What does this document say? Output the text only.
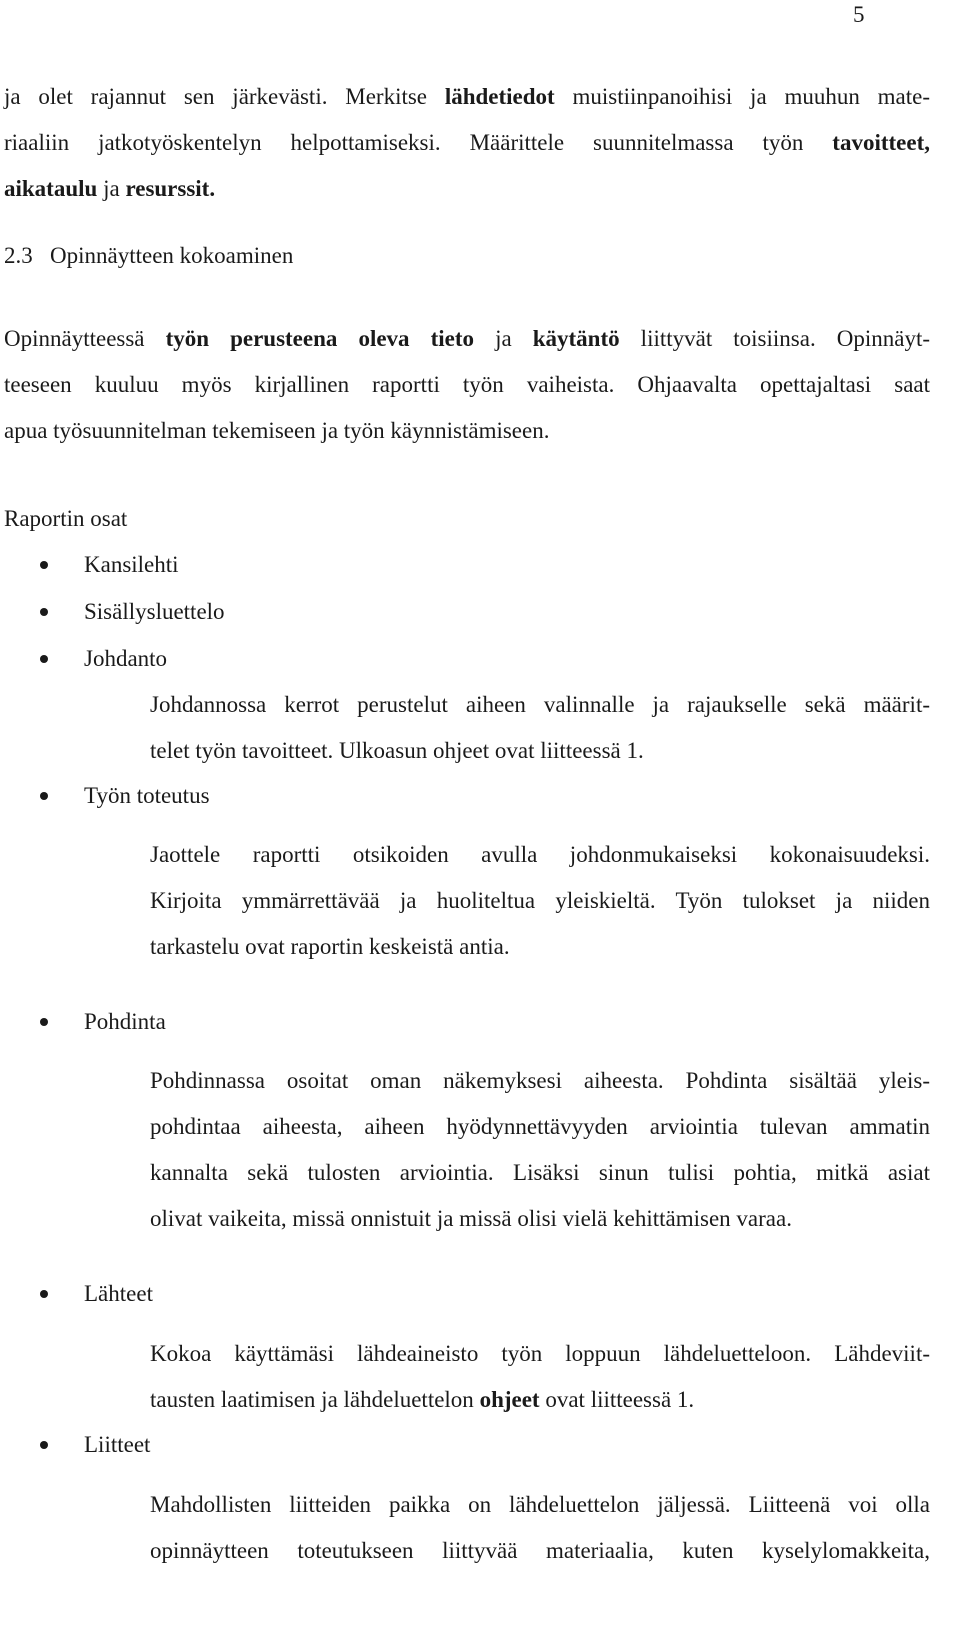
5
ja olet rajannut sen järkevästi. Merkitse lähdetiedot muistiinpanoihisi ja muuhun mate-
riaaliin jatkotyöskentelyn helpottamiseksi. Määrittele suunnitelmassa työn tavoitteet,
aikataulu ja resurssit.
2.3   Opinnäytteen kokoaminen
Opinnäytteessä työn perusteena oleva tieto ja käytäntö liittyvät toisiinsa. Opinnäyt-
teeseen kuuluu myös kirjallinen raportti työn vaiheista. Ohjaavalta opettajaltasi saat
apua työsuunnitelman tekemiseen ja työn käynnistämiseen.
Raportin osat
Kansilehti
Sisällysluettelo
Johdanto
Johdannossa kerrot perustelut aiheen valinnalle ja rajaukselle sekä määrit-
telet työn tavoitteet. Ulkoasun ohjeet ovat liitteessä 1.
Työn toteutus
Jaottele raportti otsikoiden avulla johdonmukaiseksi kokonaisuudeksi.
Kirjoita ymmärrettävää ja huoliteltua yleiskieltä. Työn tulokset ja niiden
tarkastelu ovat raportin keskeistä antia.
Pohdinta
Pohdinnassa osoitat oman näkemyksesi aiheesta. Pohdinta sisältää yleis-
pohdintaa aiheesta, aiheen hyödynnettävyyden arviointia tulevan ammatin
kannalta sekä tulosten arviointia. Lisäksi sinun tulisi pohtia, mitkä asiat
olivat vaikeita, missä onnistuit ja missä olisi vielä kehittämisen varaa.
Lähteet
Kokoa käyttämäsi lähdeaineisto työn loppuun lähdeluetteloon. Lähdeviit-
tausten laatimisen ja lähdeluettelon ohjeet ovat liitteessä 1.
Liitteet
Mahdollisten liitteiden paikka on lähdeluettelon jäljessä. Liitteenä voi olla
opinnäytteen toteutukseen liittyvää materiaalia, kuten kyselylomakkeita,
